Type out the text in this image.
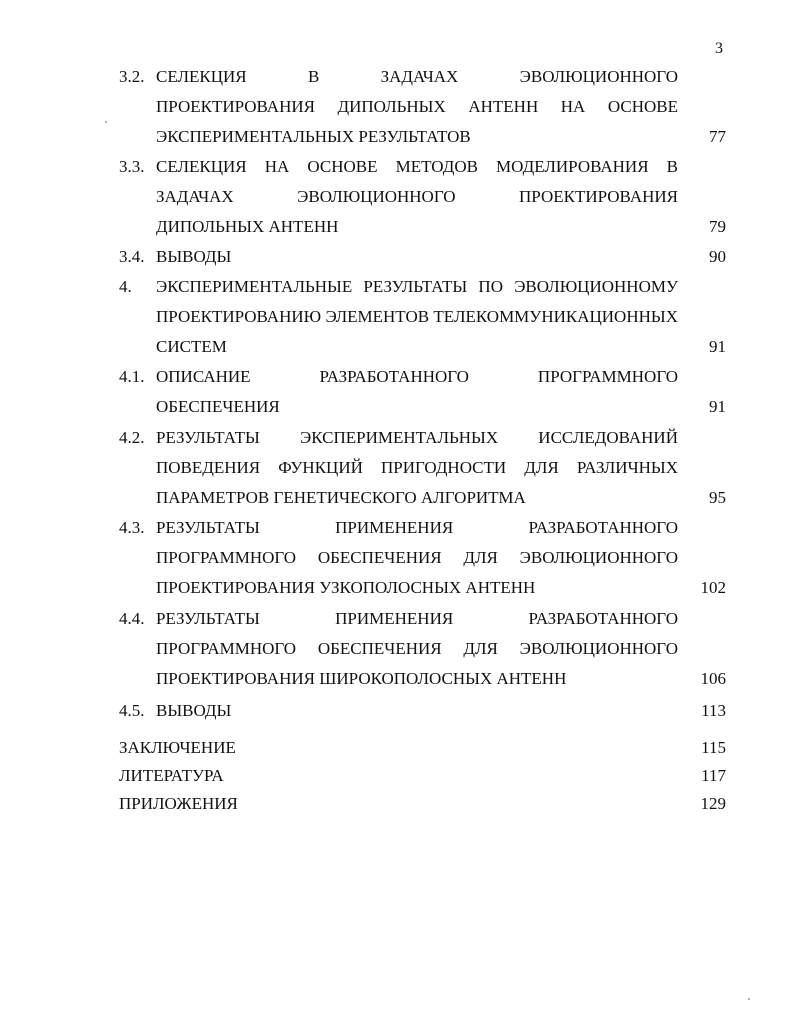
3
3.2. СЕЛЕКЦИЯ В ЗАДАЧАХ ЭВОЛЮЦИОННОГО
ПРОЕКТИРОВАНИЯ ДИПОЛЬНЫХ АНТЕНН НА ОСНОВЕ
ЭКСПЕРИМЕНТАЛЬНЫХ РЕЗУЛЬТАТОВ	77
3.3. СЕЛЕКЦИЯ НА ОСНОВЕ МЕТОДОВ МОДЕЛИРОВАНИЯ В
ЗАДАЧАХ ЭВОЛЮЦИОННОГО ПРОЕКТИРОВАНИЯ
ДИПОЛЬНЫХ АНТЕНН	79
3.4. ВЫВОДЫ	90
4. ЭКСПЕРИМЕНТАЛЬНЫЕ РЕЗУЛЬТАТЫ ПО ЭВОЛЮЦИОННОМУ
ПРОЕКТИРОВАНИЮ ЭЛЕМЕНТОВ ТЕЛЕКОММУНИКАЦИОННЫХ
СИСТЕМ	91
4.1. ОПИСАНИЕ РАЗРАБОТАННОГО ПРОГРАММНОГО
ОБЕСПЕЧЕНИЯ	91
4.2. РЕЗУЛЬТАТЫ ЭКСПЕРИМЕНТАЛЬНЫХ ИССЛЕДОВАНИЙ
ПОВЕДЕНИЯ ФУНКЦИЙ ПРИГОДНОСТИ ДЛЯ РАЗЛИЧНЫХ
ПАРАМЕТРОВ ГЕНЕТИЧЕСКОГО АЛГОРИТМА	95
4.3. РЕЗУЛЬТАТЫ ПРИМЕНЕНИЯ РАЗРАБОТАННОГО
ПРОГРАММНОГО ОБЕСПЕЧЕНИЯ ДЛЯ ЭВОЛЮЦИОННОГО
ПРОЕКТИРОВАНИЯ УЗКОПОЛОСНЫХ АНТЕНН	102
4.4. РЕЗУЛЬТАТЫ ПРИМЕНЕНИЯ РАЗРАБОТАННОГО
ПРОГРАММНОГО ОБЕСПЕЧЕНИЯ ДЛЯ ЭВОЛЮЦИОННОГО
ПРОЕКТИРОВАНИЯ ШИРОКОПОЛОСНЫХ АНТЕНН	106
4.5. ВЫВОДЫ	113
ЗАКЛЮЧЕНИЕ	115
ЛИТЕРАТУРА	117
ПРИЛОЖЕНИЯ	129
